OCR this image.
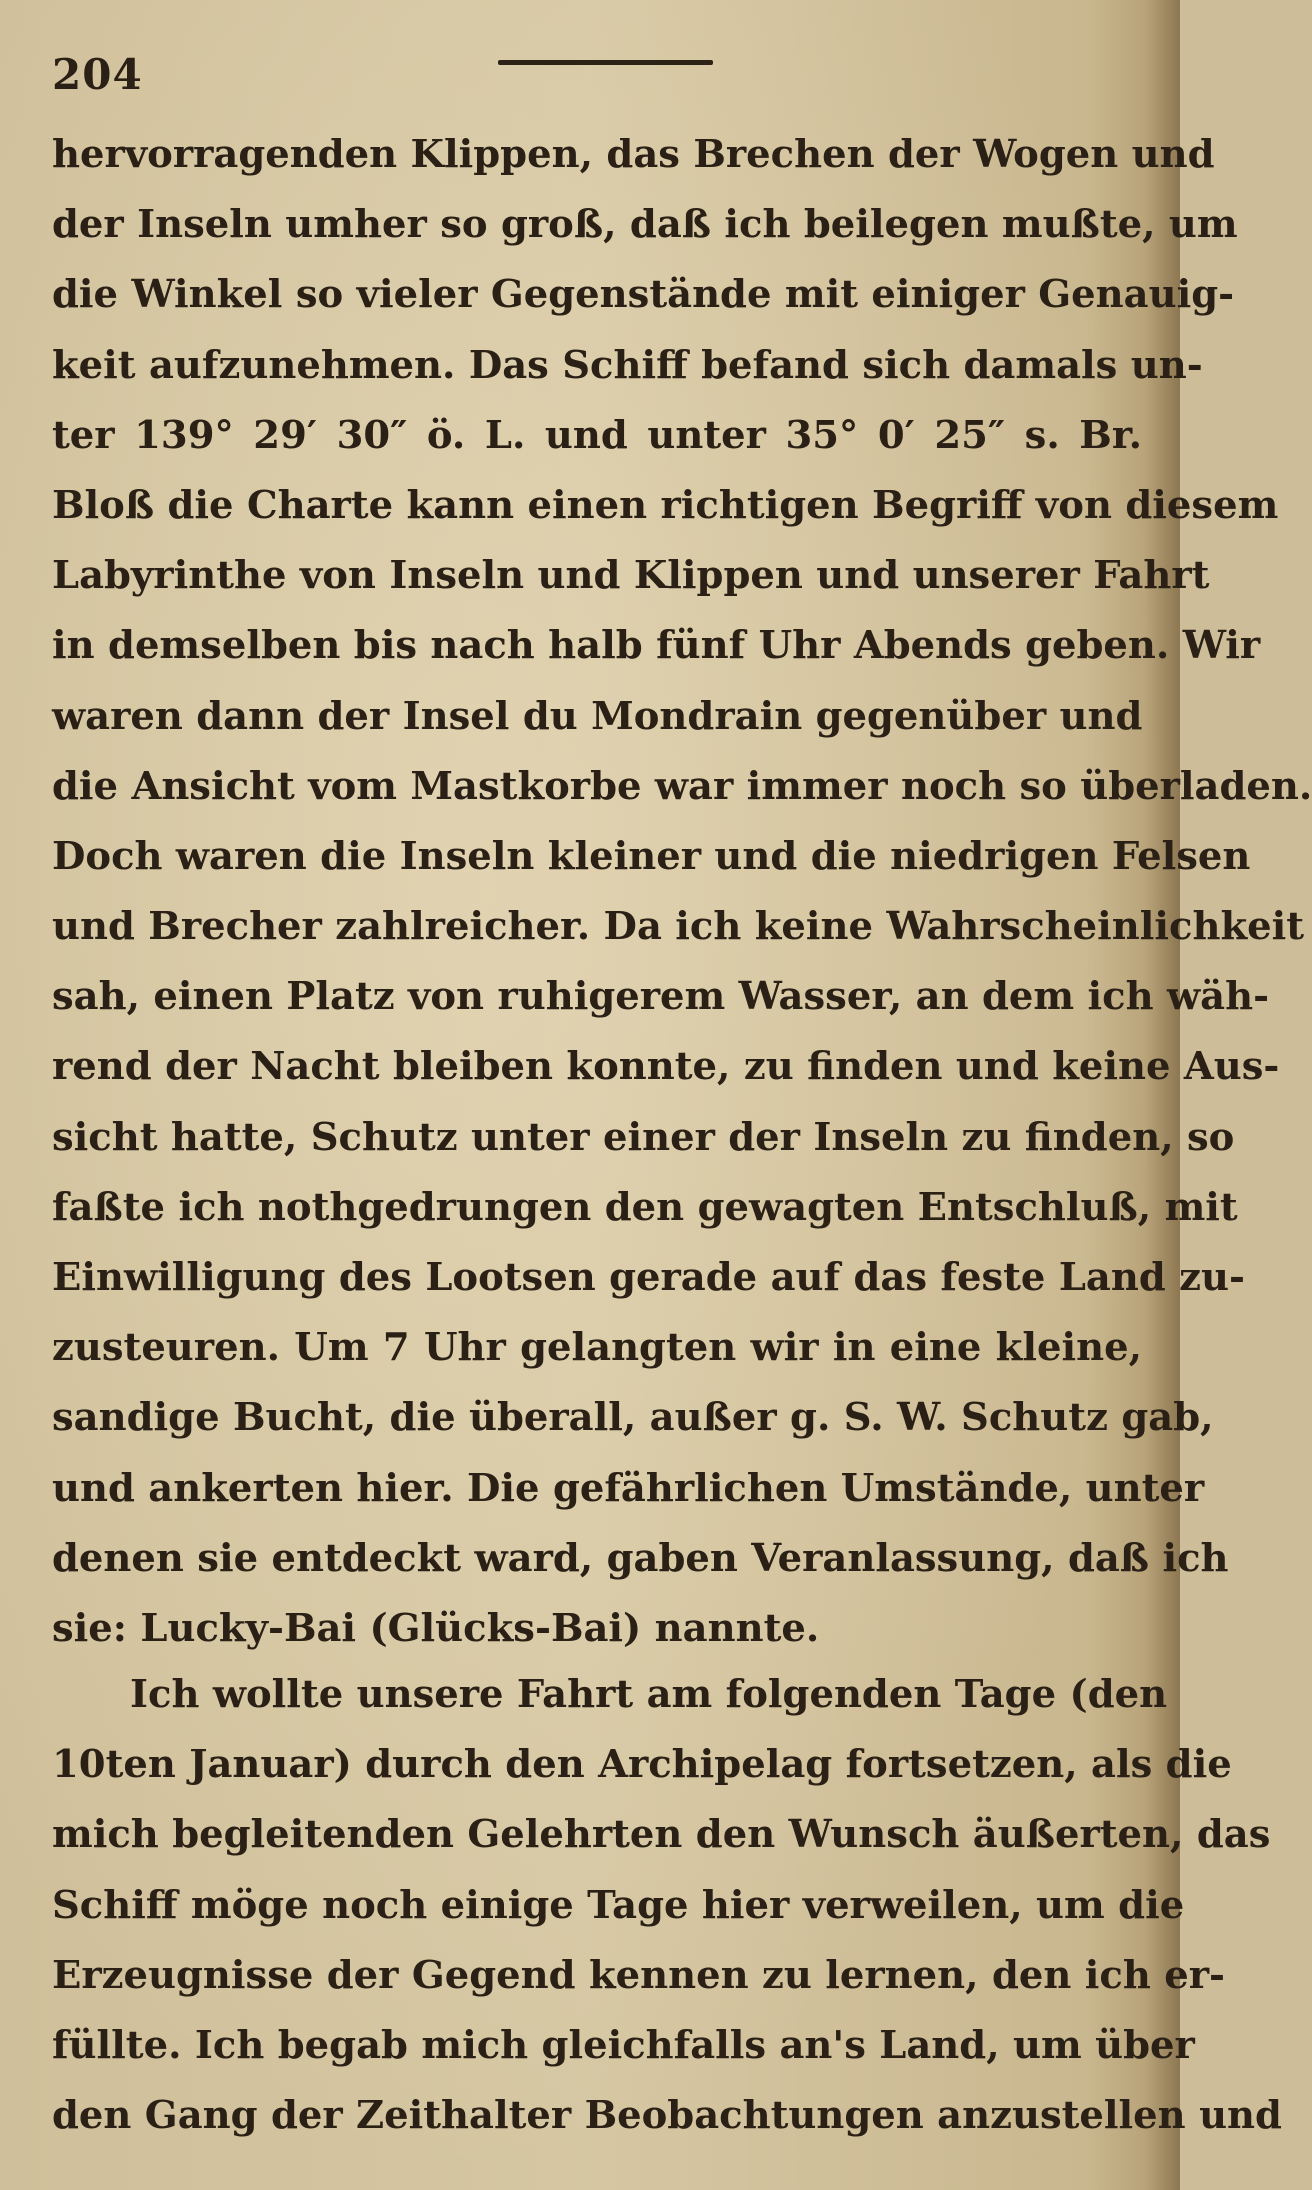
204
hervorragenden Klippen, das Brechen der Wogen und
der Inseln umher so groß, daß ich beilegen mußte, um
die Winkel so vieler Gegenstände mit einiger Genauig-
keit aufzunehmen. Das Schiff befand sich damals un-
ter 139° 29′ 30″ ö. L. und unter 35° 0′ 25″ s. Br.
Bloß die Charte kann einen richtigen Begriff von diesem
Labyrinthe von Inseln und Klippen und unserer Fahrt
in demselben bis nach halb fünf Uhr Abends geben. Wir
waren dann der Insel du Mondrain gegenüber und
die Ansicht vom Mastkorbe war immer noch so überladen.
Doch waren die Inseln kleiner und die niedrigen Felsen
und Brecher zahlreicher. Da ich keine Wahrscheinlichkeit
sah, einen Platz von ruhigerem Wasser, an dem ich wäh-
rend der Nacht bleiben konnte, zu finden und keine Aus-
sicht hatte, Schutz unter einer der Inseln zu finden, so
faßte ich nothgedrungen den gewagten Entschluß, mit
Einwilligung des Lootsen gerade auf das feste Land zu-
zusteuren. Um 7 Uhr gelangten wir in eine kleine,
sandige Bucht, die überall, außer g. S. W. Schutz gab,
und ankerten hier. Die gefährlichen Umstände, unter
denen sie entdeckt ward, gaben Veranlassung, daß ich
sie: Lucky-Bai (Glücks-Bai) nannte.
Ich wollte unsere Fahrt am folgenden Tage (den
10ten Januar) durch den Archipelag fortsetzen, als die
mich begleitenden Gelehrten den Wunsch äußerten, das
Schiff möge noch einige Tage hier verweilen, um die
Erzeugnisse der Gegend kennen zu lernen, den ich er-
füllte. Ich begab mich gleichfalls an's Land, um über
den Gang der Zeithalter Beobachtungen anzustellen und
